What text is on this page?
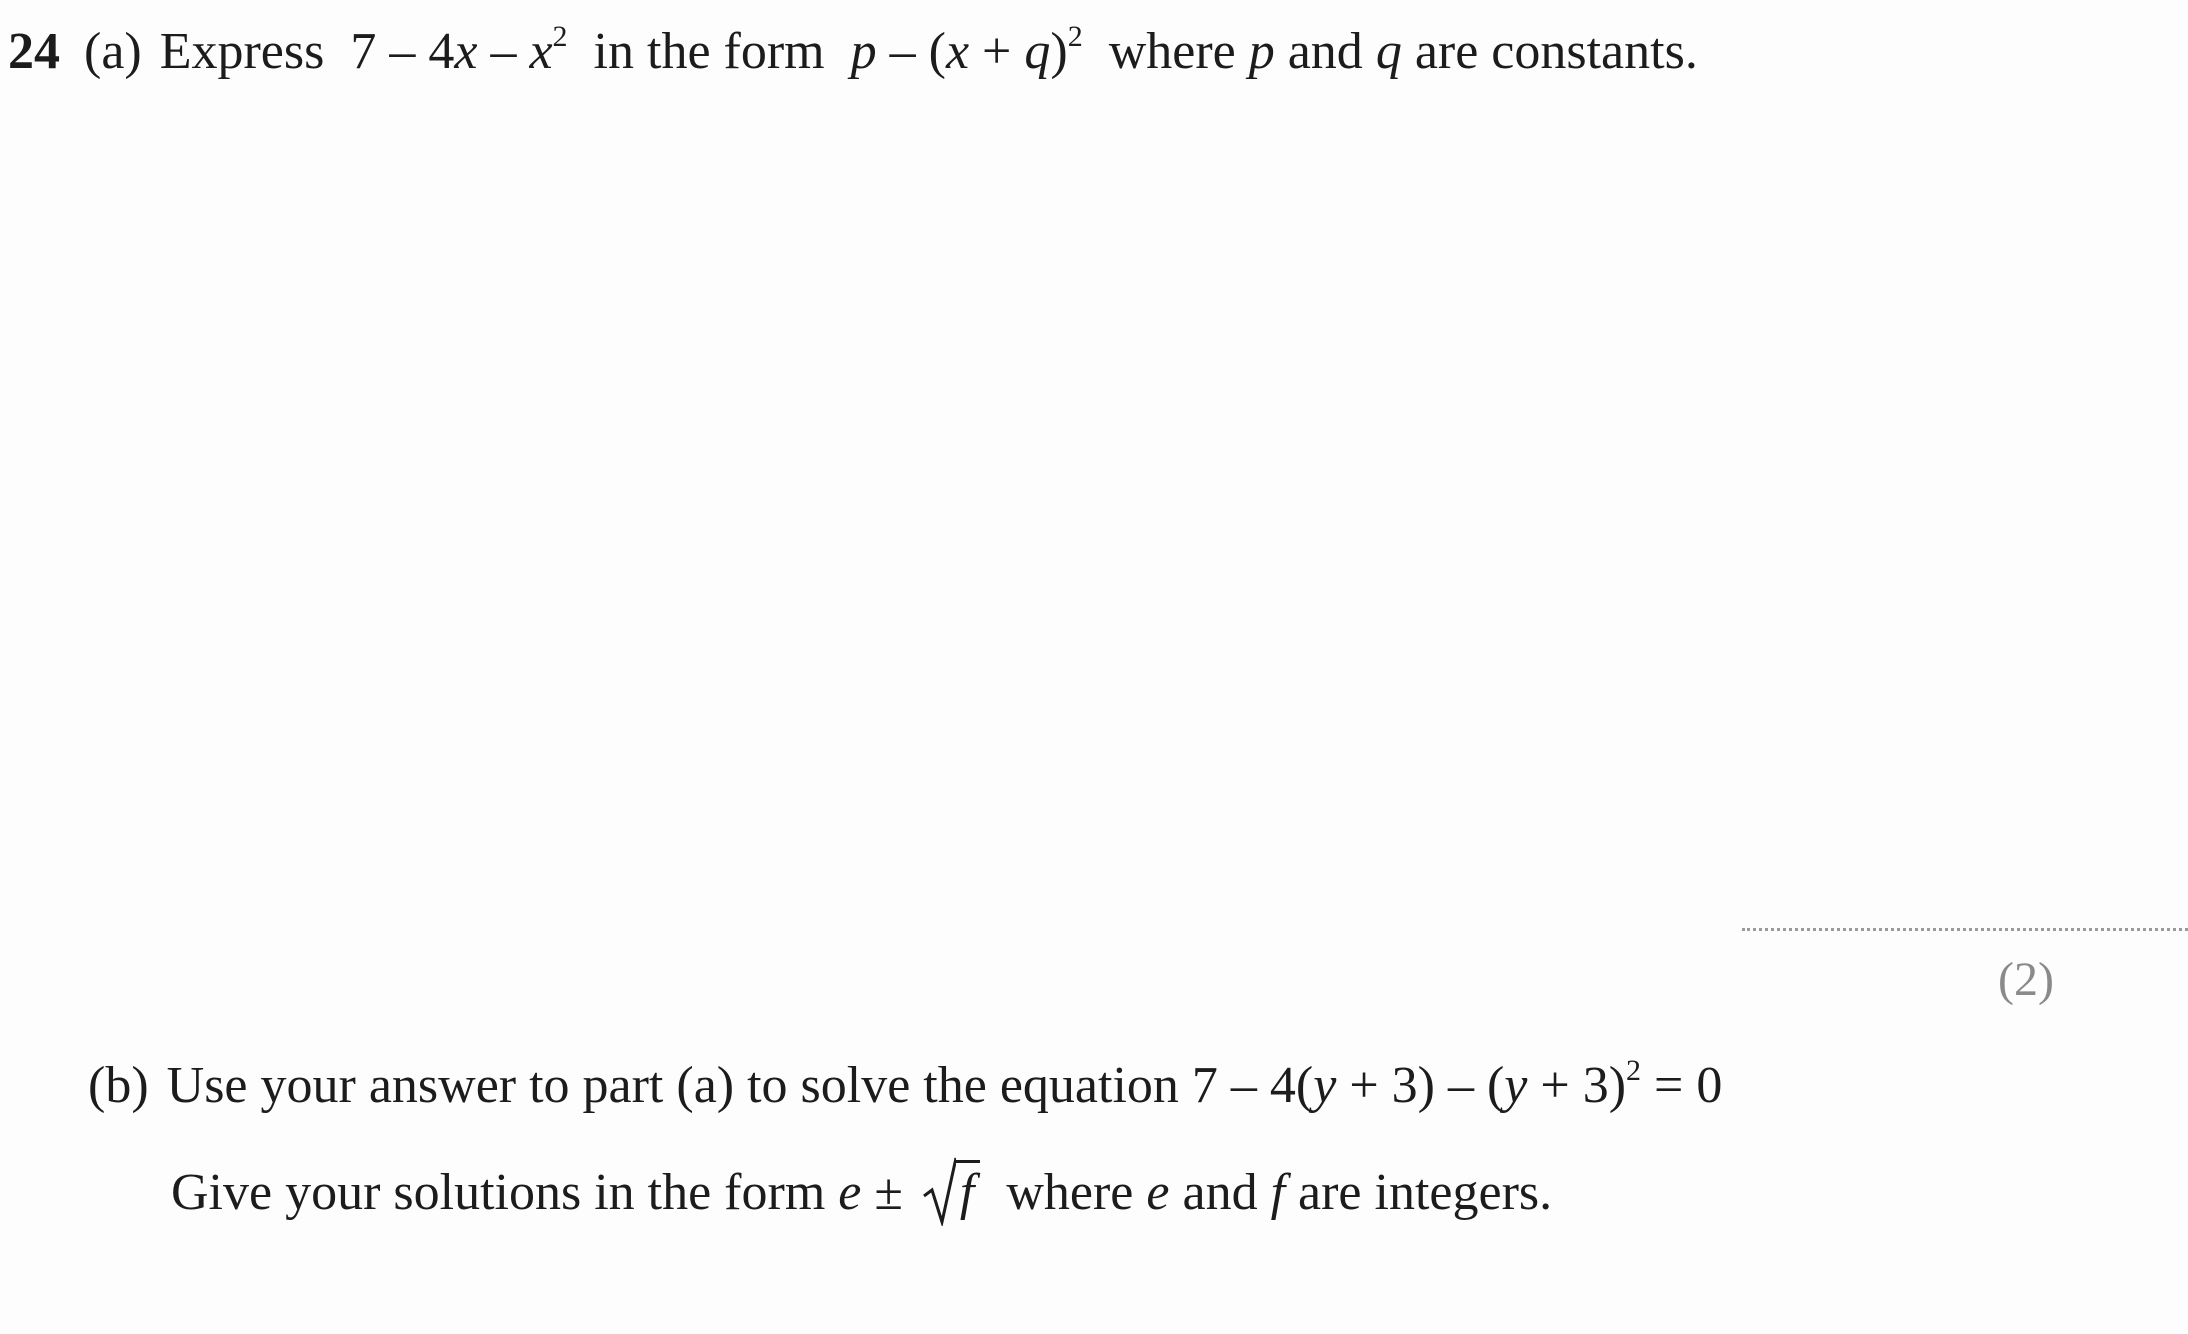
24 (a) Express $7 - 4x - x^2$ in the form $p - (x + q)^2$ where p and q are constants.
(2)
(b) Use your answer to part (a) to solve the equation $7 - 4(y + 3) - (y + 3)^2 = 0$
Give your solutions in the form e ±
f where e and f are integers.
